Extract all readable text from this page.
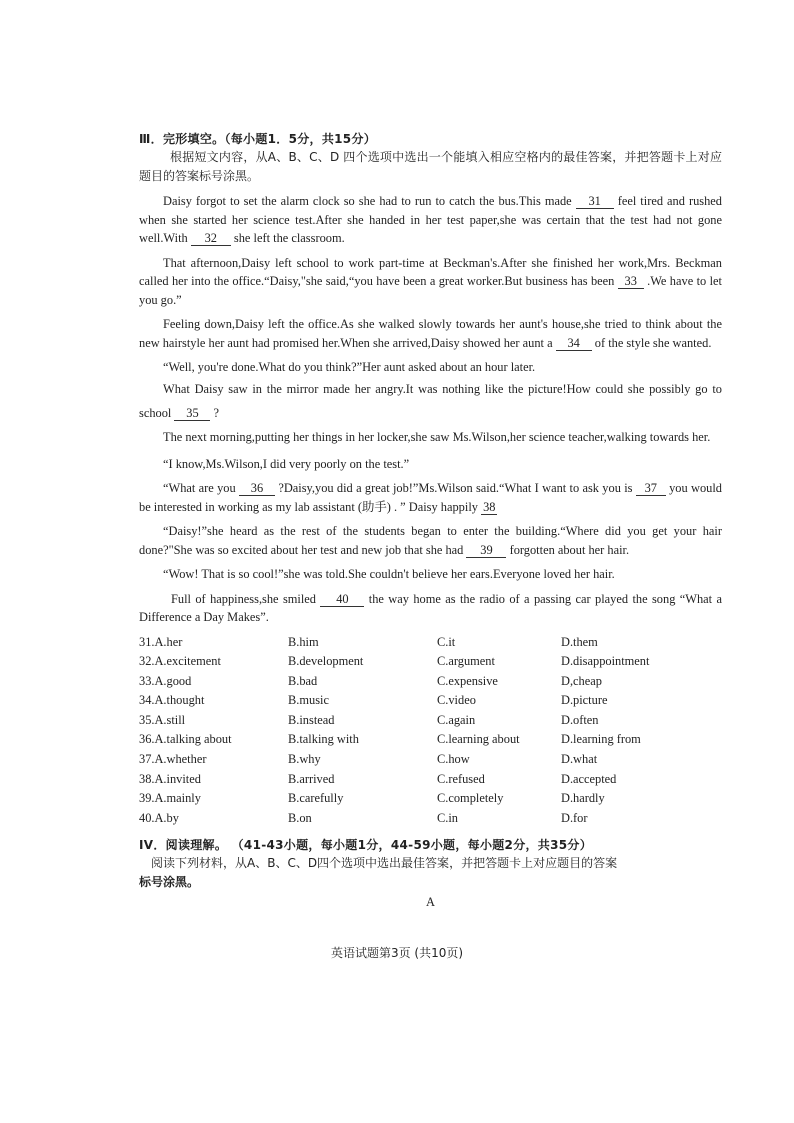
Ⅲ．完形填空。（每小题1．5分，共15分）
根据短文内容，从A、B、C、D 四个选项中选出一个能填入相应空格内的最佳答案，并把答题卡上对应题目的答案标号涂黑。

Daisy forgot to set the alarm clock so she had to run to catch the bus.This made 31 feel tired and rushed when she started her science test.After she handed in her test paper,she was certain that the test had not gone well.With 32 she left the classroom.

That afternoon,Daisy left school to work part-time at Beckman's.After she finished her work,Mrs. Beckman called her into the office.“Daisy,"she said,“you have been a great worker.But business has been 33 .We have to let you go.”

Feeling down,Daisy left the office.As she walked slowly towards her aunt's house,she tried to think about the new hairstyle her aunt had promised her.When she arrived,Daisy showed her aunt a 34 of the style she wanted.

“Well, you're done.What do you think?”Her aunt asked about an hour later.

What Daisy saw in the mirror made her angry.It was nothing like the picture!How could she possibly go to school 35 ?

The next morning,putting her things in her locker,she saw Ms.Wilson,her science teacher,walking towards her.

“I know,Ms.Wilson,I did very poorly on the test.”

“What are you 36 ?Daisy,you did a great job!”Ms.Wilson said.“What I want to ask you is 37 you would be interested in working as my lab assistant (助手) . ” Daisy happily 38

“Daisy!”she heard as the rest of the students began to enter the building.“Where did you get your hair done?"She was so excited about her test and new job that she had 39 forgotten about her hair.

“Wow! That is so cool!”she was told.She couldn't believe her ears.Everyone loved her hair.

Full of happiness,she smiled 40 the way home as the radio of a passing car played the song “What a Difference a Day Makes”.

31.A.her	B.him	C.it	D.them
32.A.excitement	B.development	C.argument	D.disappointment
33.A.good	B.bad	C.expensive	D,cheap
34.A.thought	B.music	C.video	D.picture
35.A.still	B.instead	C.again	D.often
36.A.talking about	B.talking with	C.learning about	D.learning from
37.A.whether	B.why	C.how	D.what
38.A.invited	B.arrived	C.refused	D.accepted
39.A.mainly	B.carefully	C.completely	D.hardly
40.A.by	B.on	C.in	D.for
IV．阅读理解。 （41-43小题，每小题1分，44-59小题，每小题2分，共35分）
阅读下列材料，从A、B、C、D四个选项中选出最佳答案，并把答题卡上对应题目的答案
标号涂黑。
A
英语试题第3页 (共10页)
